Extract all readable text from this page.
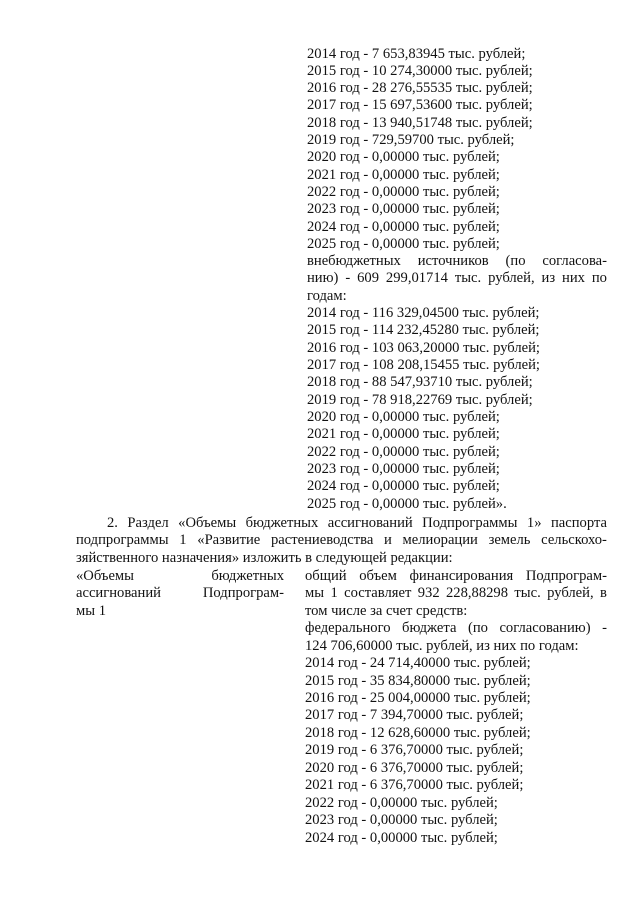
2014 год - 7 653,83945 тыс. рублей;
2015 год - 10 274,30000 тыс. рублей;
2016 год - 28 276,55535 тыс. рублей;
2017 год - 15 697,53600 тыс. рублей;
2018 год - 13 940,51748 тыс. рублей;
2019 год - 729,59700 тыс. рублей;
2020 год - 0,00000 тыс. рублей;
2021 год - 0,00000 тыс. рублей;
2022 год - 0,00000 тыс. рублей;
2023 год - 0,00000 тыс. рублей;
2024 год - 0,00000 тыс. рублей;
2025 год - 0,00000 тыс. рублей;
внебюджетных источников (по согласова-
нию) - 609 299,01714 тыс. рублей, из них по
годам:
2014 год - 116 329,04500 тыс. рублей;
2015 год - 114 232,45280 тыс. рублей;
2016 год - 103 063,20000 тыс. рублей;
2017 год - 108 208,15455 тыс. рублей;
2018 год - 88 547,93710 тыс. рублей;
2019 год - 78 918,22769 тыс. рублей;
2020 год - 0,00000 тыс. рублей;
2021 год - 0,00000 тыс. рублей;
2022 год - 0,00000 тыс. рублей;
2023 год - 0,00000 тыс. рублей;
2024 год - 0,00000 тыс. рублей;
2025 год - 0,00000 тыс. рублей».
2. Раздел «Объемы бюджетных ассигнований Подпрограммы 1» паспорта
подпрограммы 1 «Развитие растениеводства и мелиорации земель сельскохо-
зяйственного назначения» изложить в следующей редакции:
«Объемы	бюджетных
ассигнований	Подпрограм-
мы 1
общий объем финансирования Подпрограм-
мы 1 составляет 932 228,88298 тыс. рублей, в
том числе за счет средств:
федерального бюджета (по согласованию) -
124 706,60000 тыс. рублей, из них по годам:
2014 год - 24 714,40000 тыс. рублей;
2015 год - 35 834,80000 тыс. рублей;
2016 год - 25 004,00000 тыс. рублей;
2017 год - 7 394,70000 тыс. рублей;
2018 год - 12 628,60000 тыс. рублей;
2019 год - 6 376,70000 тыс. рублей;
2020 год - 6 376,70000 тыс. рублей;
2021 год - 6 376,70000 тыс. рублей;
2022 год - 0,00000 тыс. рублей;
2023 год - 0,00000 тыс. рублей;
2024 год - 0,00000 тыс. рублей;
